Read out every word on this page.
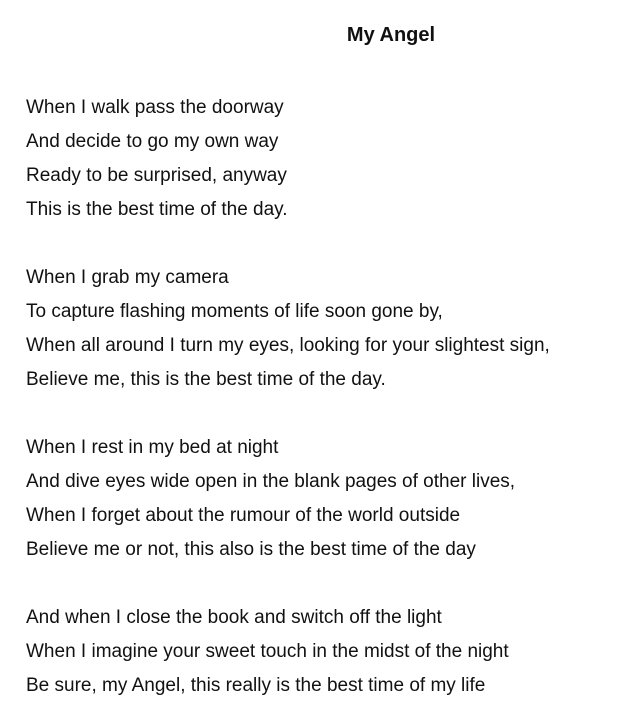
My Angel
When I walk pass the doorway
And decide to go my own way
Ready to be surprised, anyway
This is the best time of the day.
When I grab my camera
To capture flashing moments of life soon gone by,
When all around I turn my eyes, looking for your slightest sign,
Believe me, this is the best time of the day.
When I rest in my bed at night
And dive eyes wide open in the blank pages of other lives,
When I forget about the rumour of the world outside
Believe me or not, this also is the best time of the day
And when I close the book and switch off the light
When I imagine your sweet touch in the midst of the night
Be sure, my Angel, this really is the best time of my life
